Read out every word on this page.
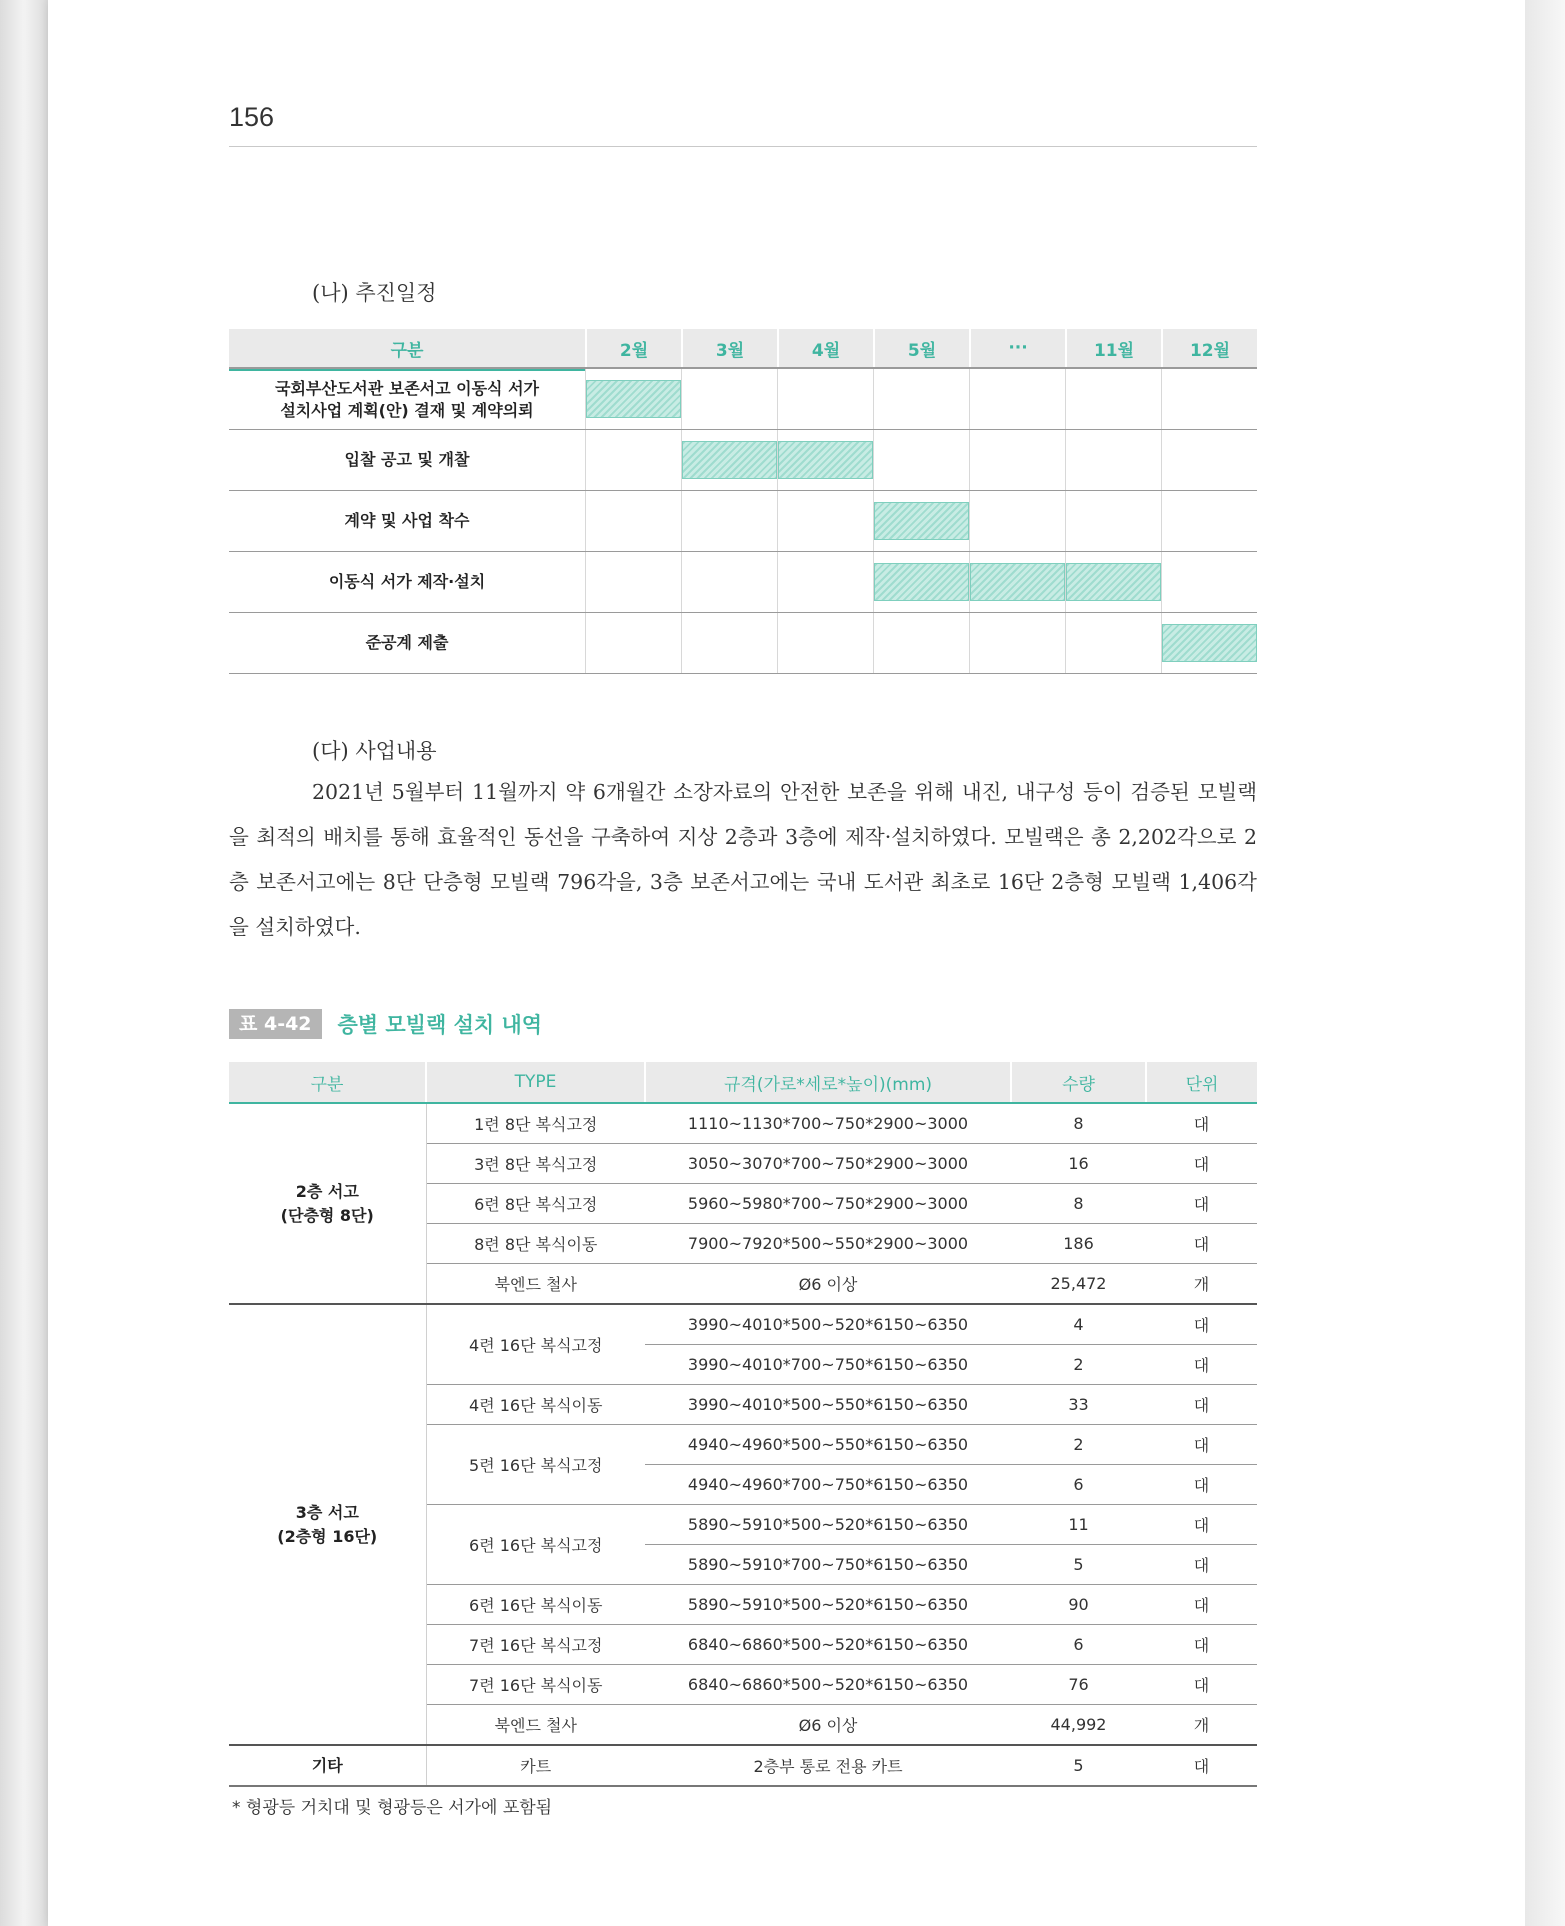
156
(나) 추진일정
구분	2월	3월	4월	5월	···	11월	12월
국회부산도서관 보존서고 이동식 서가
설치사업 계획(안) 결재 및 계약의뢰
입찰 공고 및 개찰
계약 및 사업 착수
이동식 서가 제작·설치
준공계 제출
(다) 사업내용
2021년 5월부터 11월까지 약 6개월간 소장자료의 안전한 보존을 위해 내진, 내구성 등이 검증된 모빌랙을 최적의 배치를 통해 효율적인 동선을 구축하여 지상 2층과 3층에 제작·설치하였다. 모빌랙은 총 2,202각으로 2층 보존서고에는 8단 단층형 모빌랙 796각을, 3층 보존서고에는 국내 도서관 최초로 16단 2층형 모빌랙 1,406각을 설치하였다.
표 4-42	층별 모빌랙 설치 내역
구분	TYPE	규격(가로*세로*높이)(mm)	수량	단위
2층 서고
(단층형 8단)	1련 8단 복식고정	1110~1130*700~750*2900~3000	8	대
	3련 8단 복식고정	3050~3070*700~750*2900~3000	16	대
	6련 8단 복식고정	5960~5980*700~750*2900~3000	8	대
	8련 8단 복식이동	7900~7920*500~550*2900~3000	186	대
	북엔드 철사	Ø6 이상	25,472	개
3층 서고
(2층형 16단)	4련 16단 복식고정	3990~4010*500~520*6150~6350	4	대
		3990~4010*700~750*6150~6350	2	대
	4련 16단 복식이동	3990~4010*500~550*6150~6350	33	대
	5련 16단 복식고정	4940~4960*500~550*6150~6350	2	대
		4940~4960*700~750*6150~6350	6	대
	6련 16단 복식고정	5890~5910*500~520*6150~6350	11	대
		5890~5910*700~750*6150~6350	5	대
	6련 16단 복식이동	5890~5910*500~520*6150~6350	90	대
	7련 16단 복식고정	6840~6860*500~520*6150~6350	6	대
	7련 16단 복식이동	6840~6860*500~520*6150~6350	76	대
	북엔드 철사	Ø6 이상	44,992	개
기타	카트	2층부 통로 전용 카트	5	대
* 형광등 거치대 및 형광등은 서가에 포함됨
